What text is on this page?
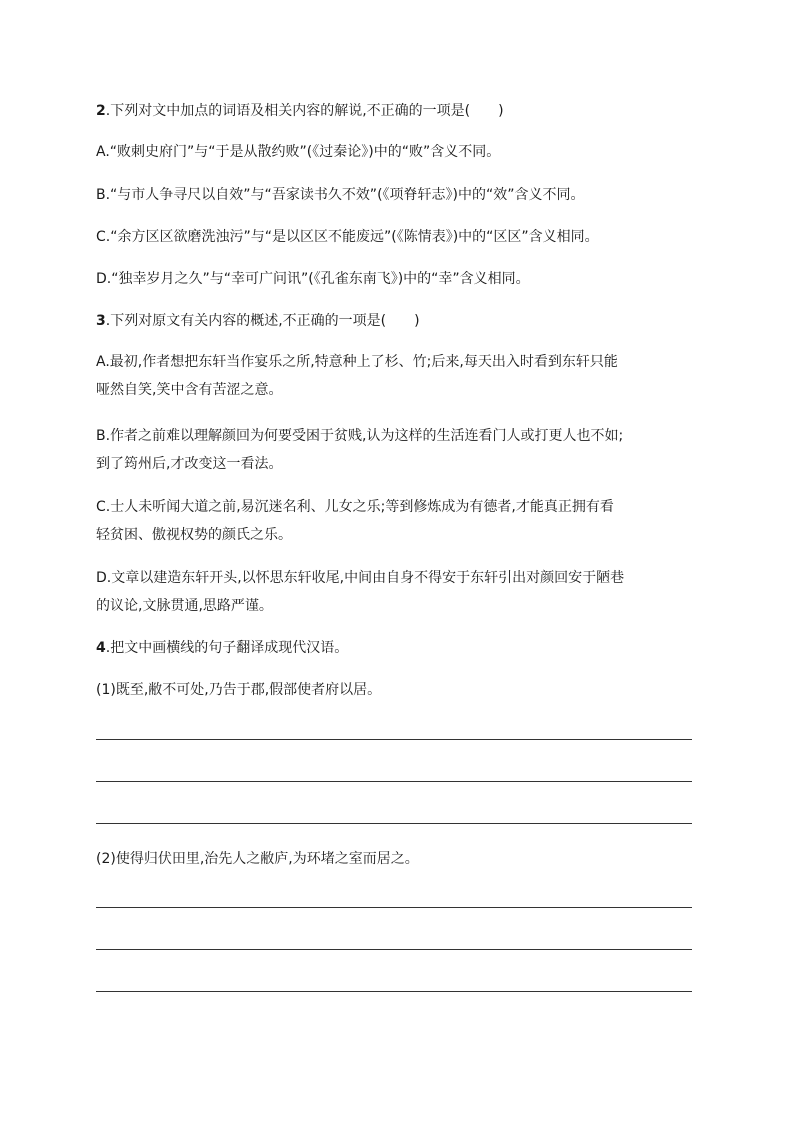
2.下列对文中加点的词语及相关内容的解说,不正确的一项是(　　)
A.“败刺史府门”与“于是从散约败”(《过秦论》)中的“败”含义不同。
B.“与市人争寻尺以自效”与“吾家读书久不效”(《项脊轩志》)中的“效”含义不同。
C.“余方区区欲磨洗浊污”与“是以区区不能废远”(《陈情表》)中的“区区”含义相同。
D.“独幸岁月之久”与“幸可广问讯”(《孔雀东南飞》)中的“幸”含义相同。
3.下列对原文有关内容的概述,不正确的一项是(　　)
A.最初,作者想把东轩当作宴乐之所,特意种上了杉、竹;后来,每天出入时看到东轩只能
哑然自笑,笑中含有苦涩之意。
B.作者之前难以理解颜回为何要受困于贫贱,认为这样的生活连看门人或打更人也不如;
到了筠州后,才改变这一看法。
C.士人未听闻大道之前,易沉迷名利、儿女之乐;等到修炼成为有德者,才能真正拥有看
轻贫困、傲视权势的颜氏之乐。
D.文章以建造东轩开头,以怀思东轩收尾,中间由自身不得安于东轩引出对颜回安于陋巷
的议论,文脉贯通,思路严谨。
4.把文中画横线的句子翻译成现代汉语。
(1)既至,敝不可处,乃告于郡,假部使者府以居。
(2)使得归伏田里,治先人之敝庐,为环堵之室而居之。
